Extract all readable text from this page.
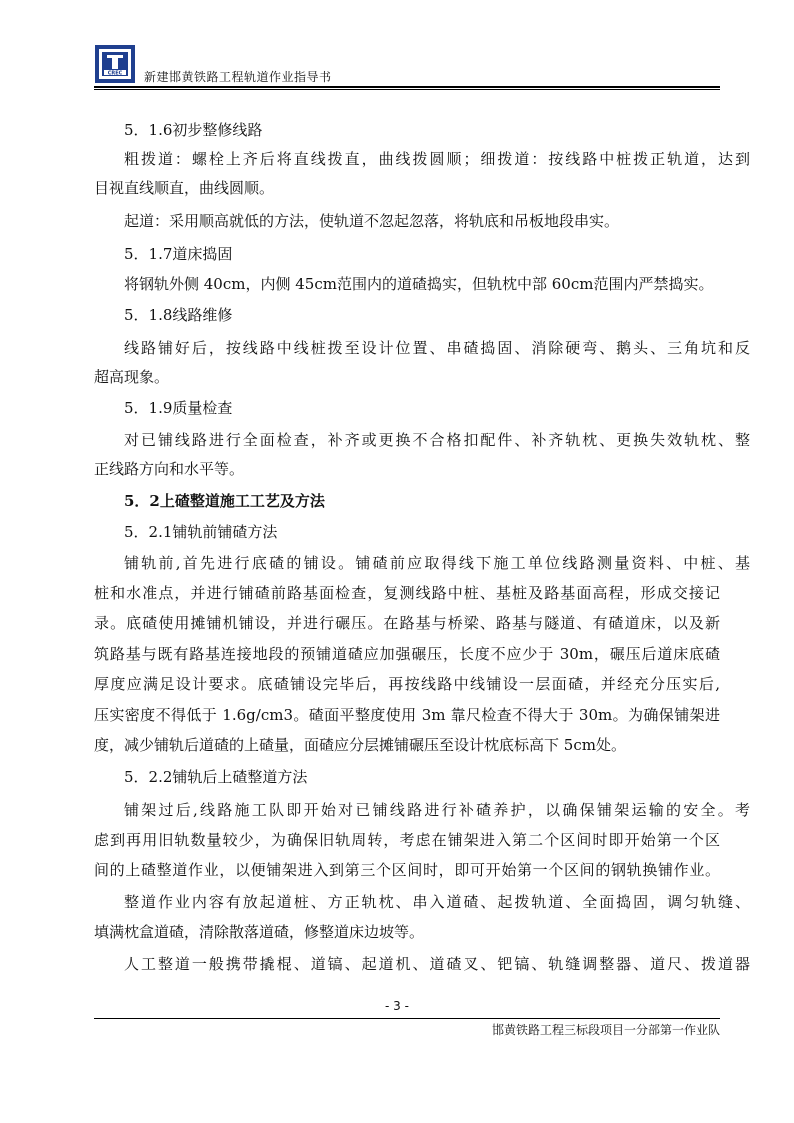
CREC 新建邯黄铁路工程轨道作业指导书
5．1.6初步整修线路
粗拨道：螺栓上齐后将直线拨直，曲线拨圆顺；细拨道：按线路中桩拨正轨道，达到
目视直线顺直，曲线圆顺。
起道：采用顺高就低的方法，使轨道不忽起忽落，将轨底和吊板地段串实。
5．1.7道床捣固
将钢轨外侧 40cm，内侧 45cm范围内的道碴捣实，但轨枕中部 60cm范围内严禁捣实。
5．1.8线路维修
线路铺好后，按线路中线桩拨至设计位置、串碴捣固、消除硬弯、鹅头、三角坑和反
超高现象。
5．1.9质量检查
对已铺线路进行全面检查，补齐或更换不合格扣配件、补齐轨枕、更换失效轨枕、整
正线路方向和水平等。
5．2上碴整道施工工艺及方法
5．2.1铺轨前铺碴方法
铺轨前,首先进行底碴的铺设。铺碴前应取得线下施工单位线路测量资料、中桩、基
桩和水准点，并进行铺碴前路基面检查，复测线路中桩、基桩及路基面高程，形成交接记
录。底碴使用摊铺机铺设，并进行碾压。在路基与桥梁、路基与隧道、有碴道床，以及新
筑路基与既有路基连接地段的预铺道碴应加强碾压，长度不应少于 30m，碾压后道床底碴
厚度应满足设计要求。底碴铺设完毕后，再按线路中线铺设一层面碴，并经充分压实后,
压实密度不得低于 1.6g/cm3。碴面平整度使用 3m 靠尺检查不得大于 30m。为确保铺架进
度，减少铺轨后道碴的上碴量，面碴应分层摊铺碾压至设计枕底标高下 5cm处。
5．2.2铺轨后上碴整道方法
铺架过后,线路施工队即开始对已铺线路进行补碴养护，以确保铺架运输的安全。考
虑到再用旧轨数量较少，为确保旧轨周转，考虑在铺架进入第二个区间时即开始第一个区
间的上碴整道作业，以便铺架进入到第三个区间时，即可开始第一个区间的钢轨换铺作业。
整道作业内容有放起道桩、方正轨枕、串入道碴、起拨轨道、全面捣固，调匀轨缝、
填满枕盒道碴，清除散落道碴，修整道床边坡等。
人工整道一般携带撬棍、道镐、起道机、道碴叉、钯镐、轨缝调整器、道尺、拨道器
- 3 -
邯黄铁路工程三标段项目一分部第一作业队
